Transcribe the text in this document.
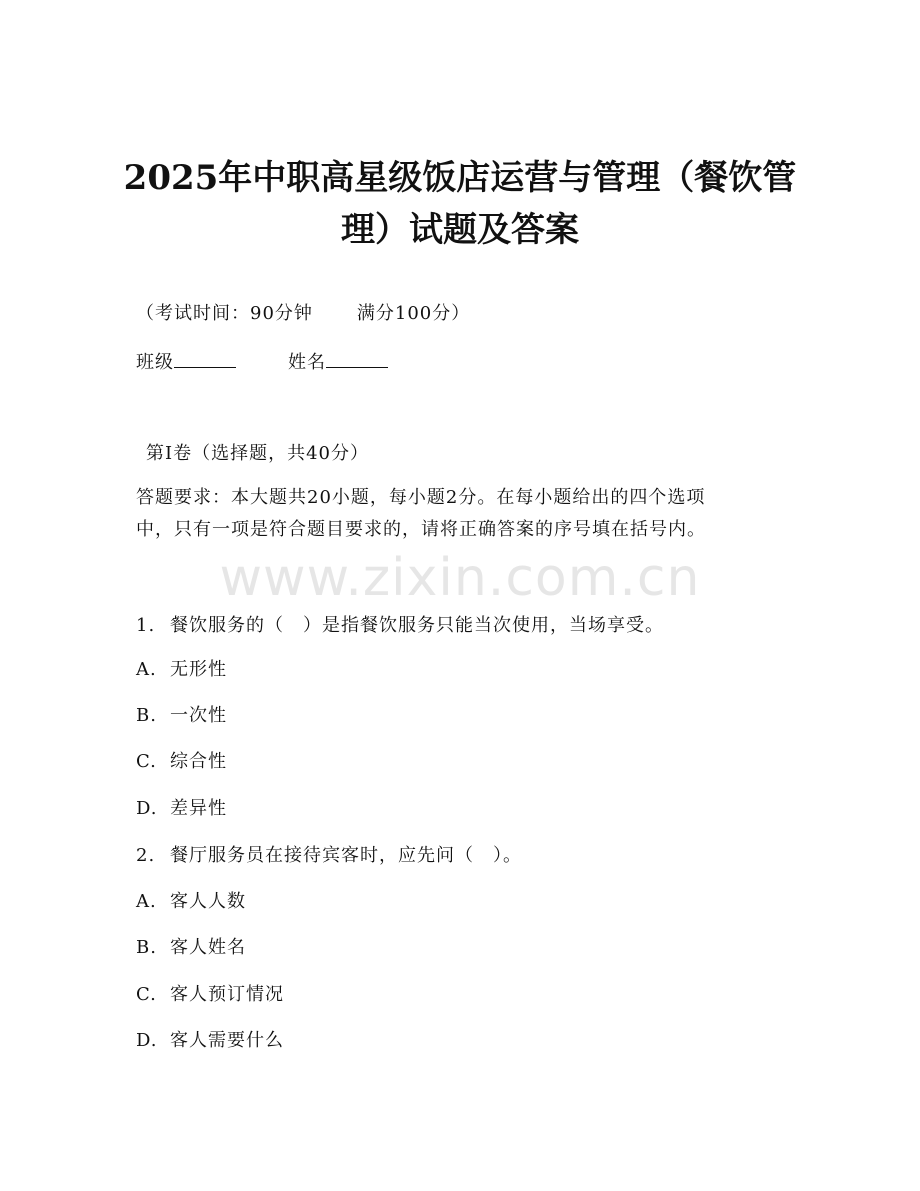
www.zixin.com.cn
2025年中职高星级饭店运营与管理（餐饮管
理）试题及答案
（考试时间：90分钟 满分100分）
班级	姓名
第Ⅰ卷（选择题，共40分）
答题要求：本大题共20小题，每小题2分。在每小题给出的四个选项
中，只有一项是符合题目要求的，请将正确答案的序号填在括号内。
1. 餐饮服务的（　）是指餐饮服务只能当次使用，当场享受。
A. 无形性
B. 一次性
C. 综合性
D. 差异性
2. 餐厅服务员在接待宾客时，应先问（　）。
A. 客人人数
B. 客人姓名
C. 客人预订情况
D. 客人需要什么
